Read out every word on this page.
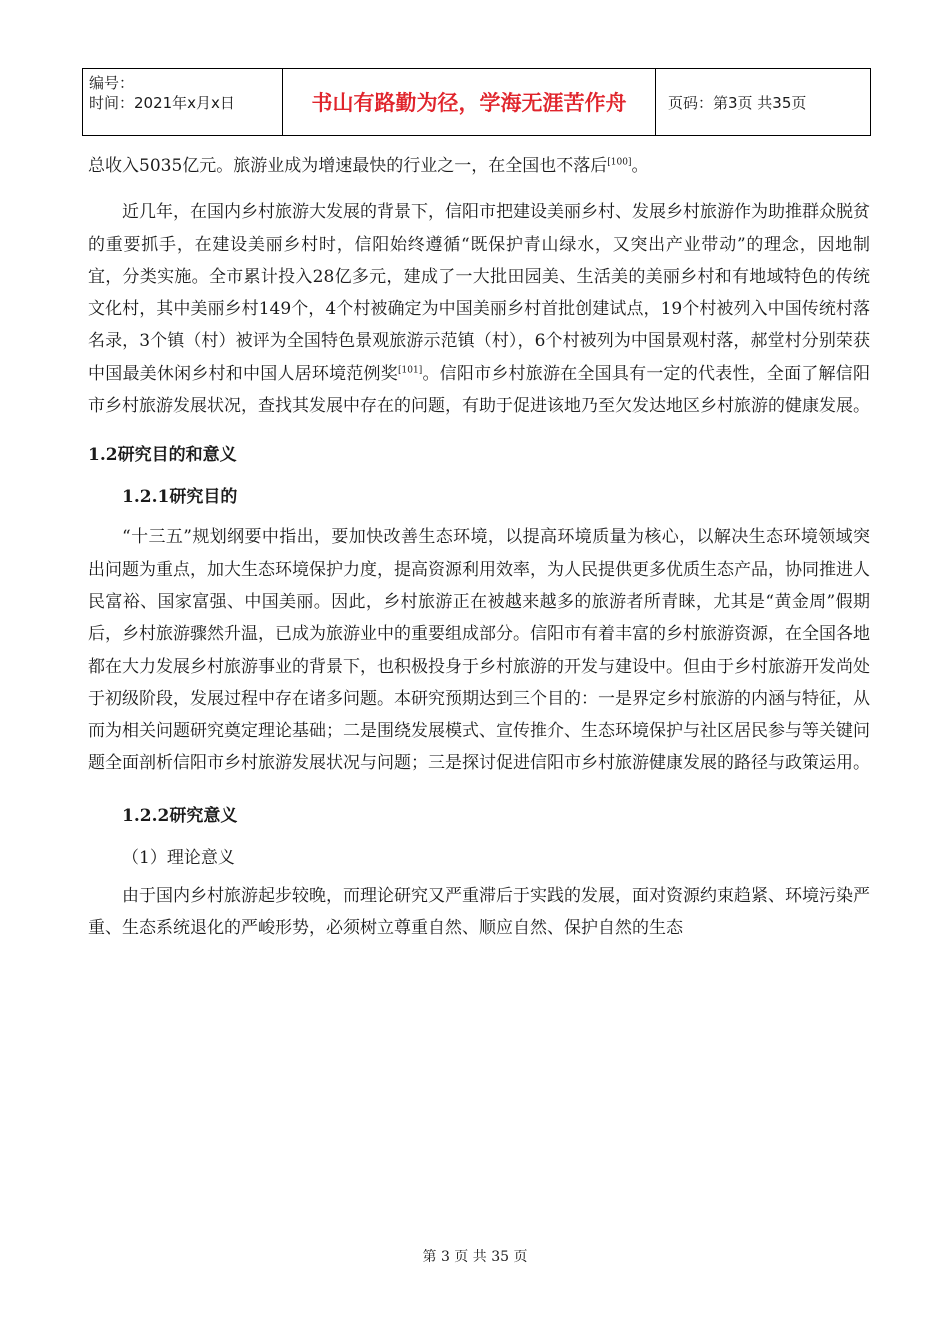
编号：
时间：2021年x月x日	书山有路勤为径，学海无涯苦作舟	页码：第3页 共35页

总收入5035亿元。旅游业成为增速最快的行业之一，在全国也不落后[100]。

近几年，在国内乡村旅游大发展的背景下，信阳市把建设美丽乡村、发展乡村旅游作为助推群众脱贫的重要抓手，在建设美丽乡村时，信阳始终遵循“既保护青山绿水，又突出产业带动”的理念，因地制宜，分类实施。全市累计投入28亿多元，建成了一大批田园美、生活美的美丽乡村和有地域特色的传统文化村，其中美丽乡村149个，4个村被确定为中国美丽乡村首批创建试点，19个村被列入中国传统村落名录，3个镇（村）被评为全国特色景观旅游示范镇（村），6个村被列为中国景观村落，郝堂村分别荣获中国最美休闲乡村和中国人居环境范例奖[101]。信阳市乡村旅游在全国具有一定的代表性，全面了解信阳市乡村旅游发展状况，查找其发展中存在的问题，有助于促进该地乃至欠发达地区乡村旅游的健康发展。

1.2研究目的和意义
1.2.1研究目的

“十三五”规划纲要中指出，要加快改善生态环境，以提高环境质量为核心，以解决生态环境领域突出问题为重点，加大生态环境保护力度，提高资源利用效率，为人民提供更多优质生态产品，协同推进人民富裕、国家富强、中国美丽。因此，乡村旅游正在被越来越多的旅游者所青睐，尤其是“黄金周”假期后，乡村旅游骤然升温，已成为旅游业中的重要组成部分。信阳市有着丰富的乡村旅游资源，在全国各地都在大力发展乡村旅游事业的背景下，也积极投身于乡村旅游的开发与建设中。但由于乡村旅游开发尚处于初级阶段，发展过程中存在诸多问题。本研究预期达到三个目的：一是界定乡村旅游的内涵与特征，从而为相关问题研究奠定理论基础；二是围绕发展模式、宣传推介、生态环境保护与社区居民参与等关键问题全面剖析信阳市乡村旅游发展状况与问题；三是探讨促进信阳市乡村旅游健康发展的路径与政策运用。

1.2.2研究意义
（1）理论意义

由于国内乡村旅游起步较晚，而理论研究又严重滞后于实践的发展，面对资源约束趋紧、环境污染严重、生态系统退化的严峻形势，必须树立尊重自然、顺应自然、保护自然的生态

第 3 页 共 35 页
